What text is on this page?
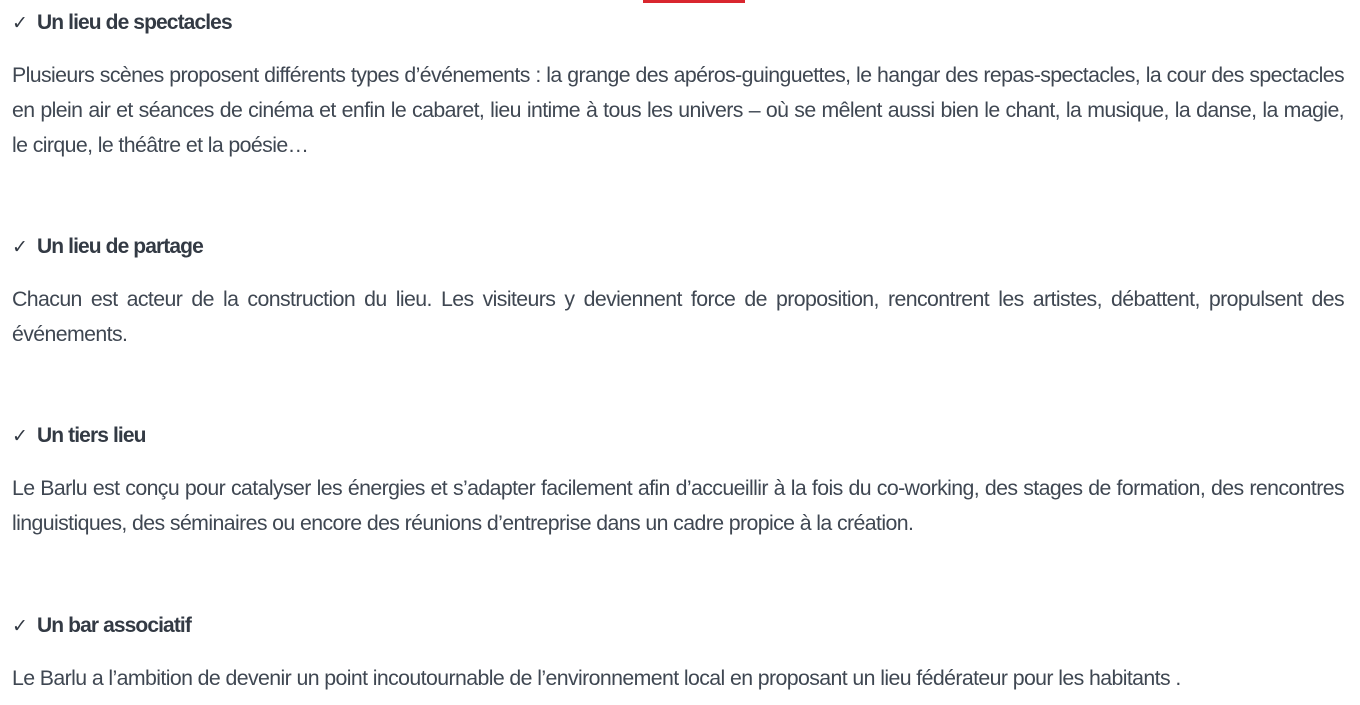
✓ Un lieu de spectacles
Plusieurs scènes proposent différents types d’événements : la grange des apéros-guinguettes, le hangar des repas-spectacles, la cour des spectacles en plein air et séances de cinéma et enfin le cabaret, lieu intime à tous les univers – où se mêlent aussi bien le chant, la musique, la danse, la magie, le cirque, le théâtre et la poésie…
✓ Un lieu de partage
Chacun est acteur de la construction du lieu. Les visiteurs y deviennent force de proposition, rencontrent les artistes, débattent, propulsent des événements.
✓ Un tiers lieu
Le Barlu est conçu pour catalyser les énergies et s’adapter facilement afin d’accueillir à la fois du co-working, des stages de formation, des rencontres linguistiques, des séminaires ou encore des réunions d’entreprise dans un cadre propice à la création.
✓ Un bar associatif
Le Barlu a l’ambition de devenir un point incoutournable de l’environnement local en proposant un lieu fédérateur pour les habitants .
